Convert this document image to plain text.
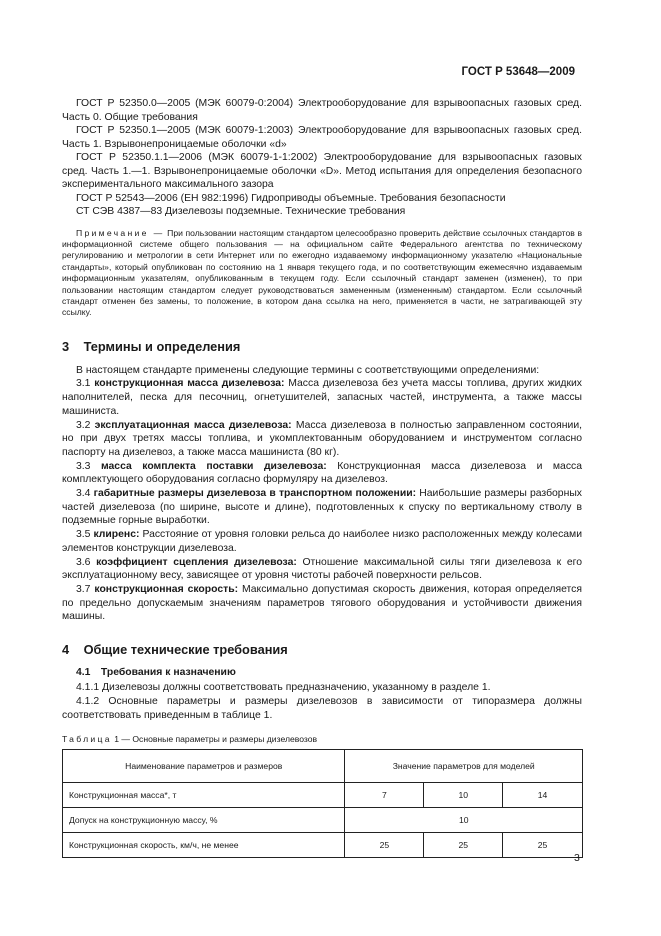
ГОСТ Р 53648—2009

ГОСТ Р 52350.0—2005 (МЭК 60079-0:2004) Электрооборудование для взрывоопасных газовых сред. Часть 0. Общие требования

ГОСТ Р 52350.1—2005 (МЭК 60079-1:2003) Электрооборудование для взрывоопасных газовых сред. Часть 1. Взрывонепроницаемые оболочки «d»

ГОСТ Р 52350.1.1—2006 (МЭК 60079-1-1:2002) Электрооборудование для взрывоопасных газовых сред. Часть 1.—1. Взрывонепроницаемые оболочки «D». Метод испытания для определения безопасного экспериментального максимального зазора

ГОСТ Р 52543—2006 (ЕН 982:1996) Гидроприводы объемные. Требования безопасности

СТ СЭВ 4387—83 Дизелевозы подземные. Технические требования

Примечание — При пользовании настоящим стандартом целесообразно проверить действие ссылочных стандартов в информационной системе общего пользования — на официальном сайте Федерального агентства по техническому регулированию и метрологии в сети Интернет или по ежегодно издаваемому информационному указателю «Национальные стандарты», который опубликован по состоянию на 1 января текущего года, и по соответствующим ежемесячно издаваемым информационным указателям, опубликованным в текущем году. Если ссылочный стандарт заменен (изменен), то при пользовании настоящим стандартом следует руководствоваться замененным (измененным) стандартом. Если ссылочный стандарт отменен без замены, то положение, в котором дана ссылка на него, применяется в части, не затрагивающей эту ссылку.
3 Термины и определения

В настоящем стандарте применены следующие термины с соответствующими определениями:

3.1 конструкционная масса дизелевоза: Масса дизелевоза без учета массы топлива, других жидких наполнителей, песка для песочниц, огнетушителей, запасных частей, инструмента, а также массы машиниста.

3.2 эксплуатационная масса дизелевоза: Масса дизелевоза в полностью заправленном состоянии, но при двух третях массы топлива, и укомплектованным оборудованием и инструментом согласно паспорту на дизелевоз, а также масса машиниста (80 кг).

3.3 масса комплекта поставки дизелевоза: Конструкционная масса дизелевоза и масса комплектующего оборудования согласно формуляру на дизелевоз.

3.4 габаритные размеры дизелевоза в транспортном положении: Наибольшие размеры разборных частей дизелевоза (по ширине, высоте и длине), подготовленных к спуску по вертикальному стволу в подземные горные выработки.

3.5 клиренс: Расстояние от уровня головки рельса до наиболее низко расположенных между колесами элементов конструкции дизелевоза.

3.6 коэффициент сцепления дизелевоза: Отношение максимальной силы тяги дизелевоза к его эксплуатационному весу, зависящее от уровня чистоты рабочей поверхности рельсов.

3.7 конструкционная скорость: Максимально допустимая скорость движения, которая определяется по предельно допускаемым значениям параметров тягового оборудования и устойчивости движения машины.

4 Общие технические требования
4.1 Требования к назначению

4.1.1 Дизелевозы должны соответствовать предназначению, указанному в разделе 1.

4.1.2 Основные параметры и размеры дизелевозов в зависимости от типоразмера должны соответствовать приведенным в таблице 1.

Таблица 1 — Основные параметры и размеры дизелевозов
Наименование параметров и размеров	Значение параметров для моделей		
Конструкционная масса*, т	7	10	14
Допуск на конструкционную массу, %	10		
Конструкционная скорость, км/ч, не менее	25	25	25
3
